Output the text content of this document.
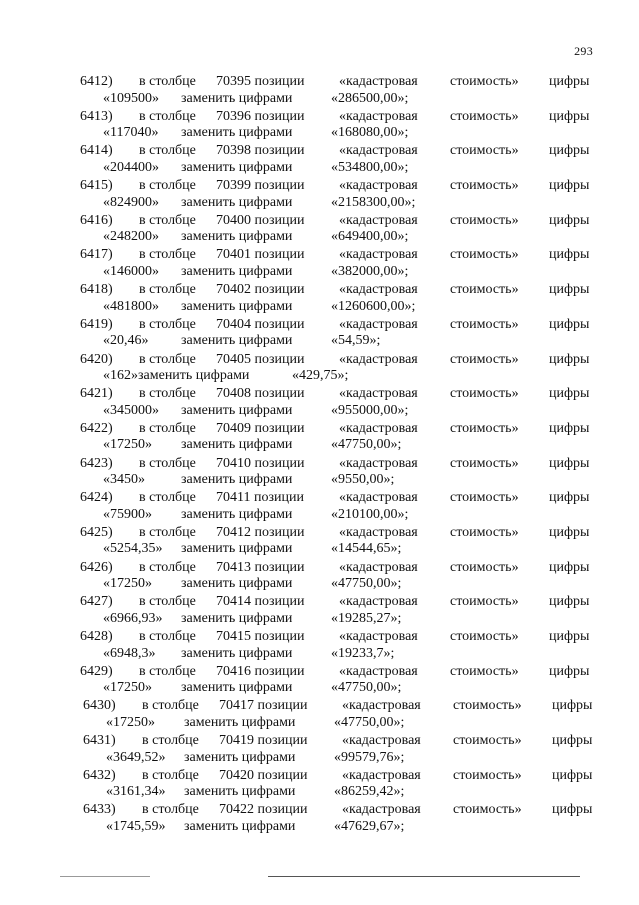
293
6412) в столбце 70395 позиции «кадастровая стоимость» цифры
«109500» заменить цифрами	«286500,00»;
6413) в столбце 70396 позиции «кадастровая стоимость» цифры
«117040» заменить цифрами	«168080,00»;
6414) в столбце 70398 позиции «кадастровая стоимость» цифры
«204400» заменить цифрами	«534800,00»;
6415) в столбце 70399 позиции «кадастровая стоимость» цифры
«824900» заменить цифрами	«2158300,00»;
6416) в столбце 70400 позиции «кадастровая стоимость» цифры
«248200» заменить цифрами	«649400,00»;
6417) в столбце 70401 позиции «кадастровая стоимость» цифры
«146000» заменить цифрами	«382000,00»;
6418) в столбце 70402 позиции «кадастровая стоимость» цифры
«481800» заменить цифрами	«1260600,00»;
6419) в столбце 70404 позиции «кадастровая стоимость» цифры
«20,46» заменить цифрами	«54,59»;
6420) в столбце 70405 позиции «кадастровая стоимость» цифры
«162»заменить цифрами	«429,75»;
6421) в столбце 70408 позиции «кадастровая стоимость» цифры
«345000» заменить цифрами	«955000,00»;
6422) в столбце 70409 позиции «кадастровая стоимость» цифры
«17250» заменить цифрами	«47750,00»;
6423) в столбце 70410 позиции «кадастровая стоимость» цифры
«3450»	заменить цифрами	«9550,00»;
6424) в столбце 70411 позиции	«кадастровая стоимость» цифры
«75900» заменить цифрами	«210100,00»;
6425) в столбце 70412 позиции «кадастровая стоимость» цифры
«5254,35» заменить цифрами	«14544,65»;
6426) в столбце 70413 позиции «кадастровая стоимость» цифры
«17250» заменить цифрами	«47750,00»;
6427) в столбце 70414 позиции «кадастровая стоимость» цифры
«6966,93» заменить цифрами	«19285,27»;
6428) в столбце 70415 позиции «кадастровая стоимость» цифры
«6948,3» заменить цифрами	«19233,7»;
6429) в столбце 70416 позиции «кадастровая стоимость» цифры
«17250» заменить цифрами	«47750,00»;
6430) в столбце 70417 позиции «кадастровая стоимость» цифры
«17250» заменить цифрами	«47750,00»;
6431) в столбце 70419 позиции «кадастровая стоимость» цифры
«3649,52» заменить цифрами	«99579,76»;
6432) в столбце 70420 позиции «кадастровая стоимость» цифры
«3161,34» заменить цифрами	«86259,42»;
6433) в столбце 70422 позиции «кадастровая стоимость» цифры
«1745,59» заменить цифрами	«47629,67»;
